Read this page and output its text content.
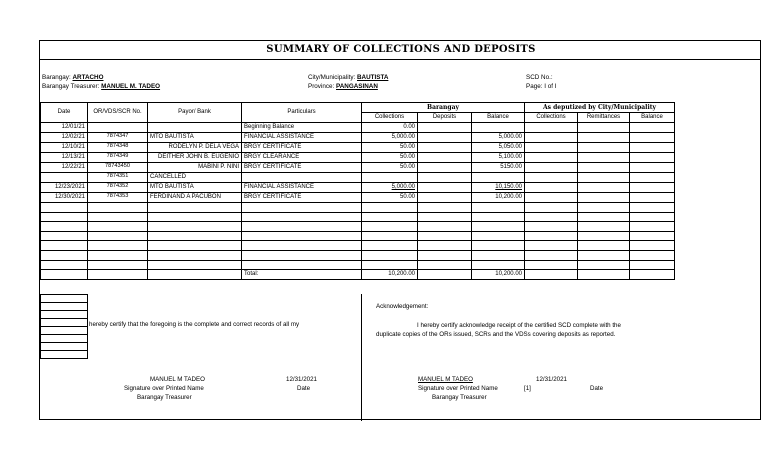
SUMMARY OF COLLECTIONS AND DEPOSITS
Barangay: ARTACHO
Barangay Treasurer: MANUEL M. TADEO
City/Municipality: BAUTISTA
Province: PANGASINAN
SCD No.:
Page: I of I
Date	OR/VDS/SCR No.	Payor/ Bank	Particulars	Barangay			As deputized by City/Municipality		
				Collections	Deposits	Balance	Collections	Remittances	Balance
12/01/21			Beginning Balance	0.00					
12/02/21	7874347	MTO BAUTISTA	FINANCIAL ASSISTANCE	5,000.00		5,000.00			
12/10/21	7874348	RODELYN P. DELA VEGA	BRGY CERTIFICATE	50.00		5,050.00			
12/13/21	7874349	DEITHER JOHN B. EUGENIO	BRGY CLEARANCE	50.00		5,100.00			
12/22/21	78743450	MABINI P. NINI	BRGY CERTIFICATE	50.00		5150.00			
	7874351	CANCELLED							
12/23/2021	7874352	MTO BAUTISTA	FINANCIAL ASSISTANCE	5,000.00		10,150.00			
12/30/2021	7874353	FERDINAND A PACUBON	BRGY CERTIFICATE	50.00		10,200.00			

			Total:	10,200.00		10,200.00			
hereby certify that the foregoing is the complete and correct records of all my
Acknowledgement:
I hereby certify acknowledge receipt of the certified SCD complete with the
duplicate copies of the ORs issued, SCRs and the VDSs covering deposits as reported.
MANUEL M TADEO
Signature over Printed Name
Barangay Treasurer
12/31/2021
Date
MANUEL M TADEO
Signature over Printed Name
Barangay Treasurer
12/31/2021
[1]	Date
